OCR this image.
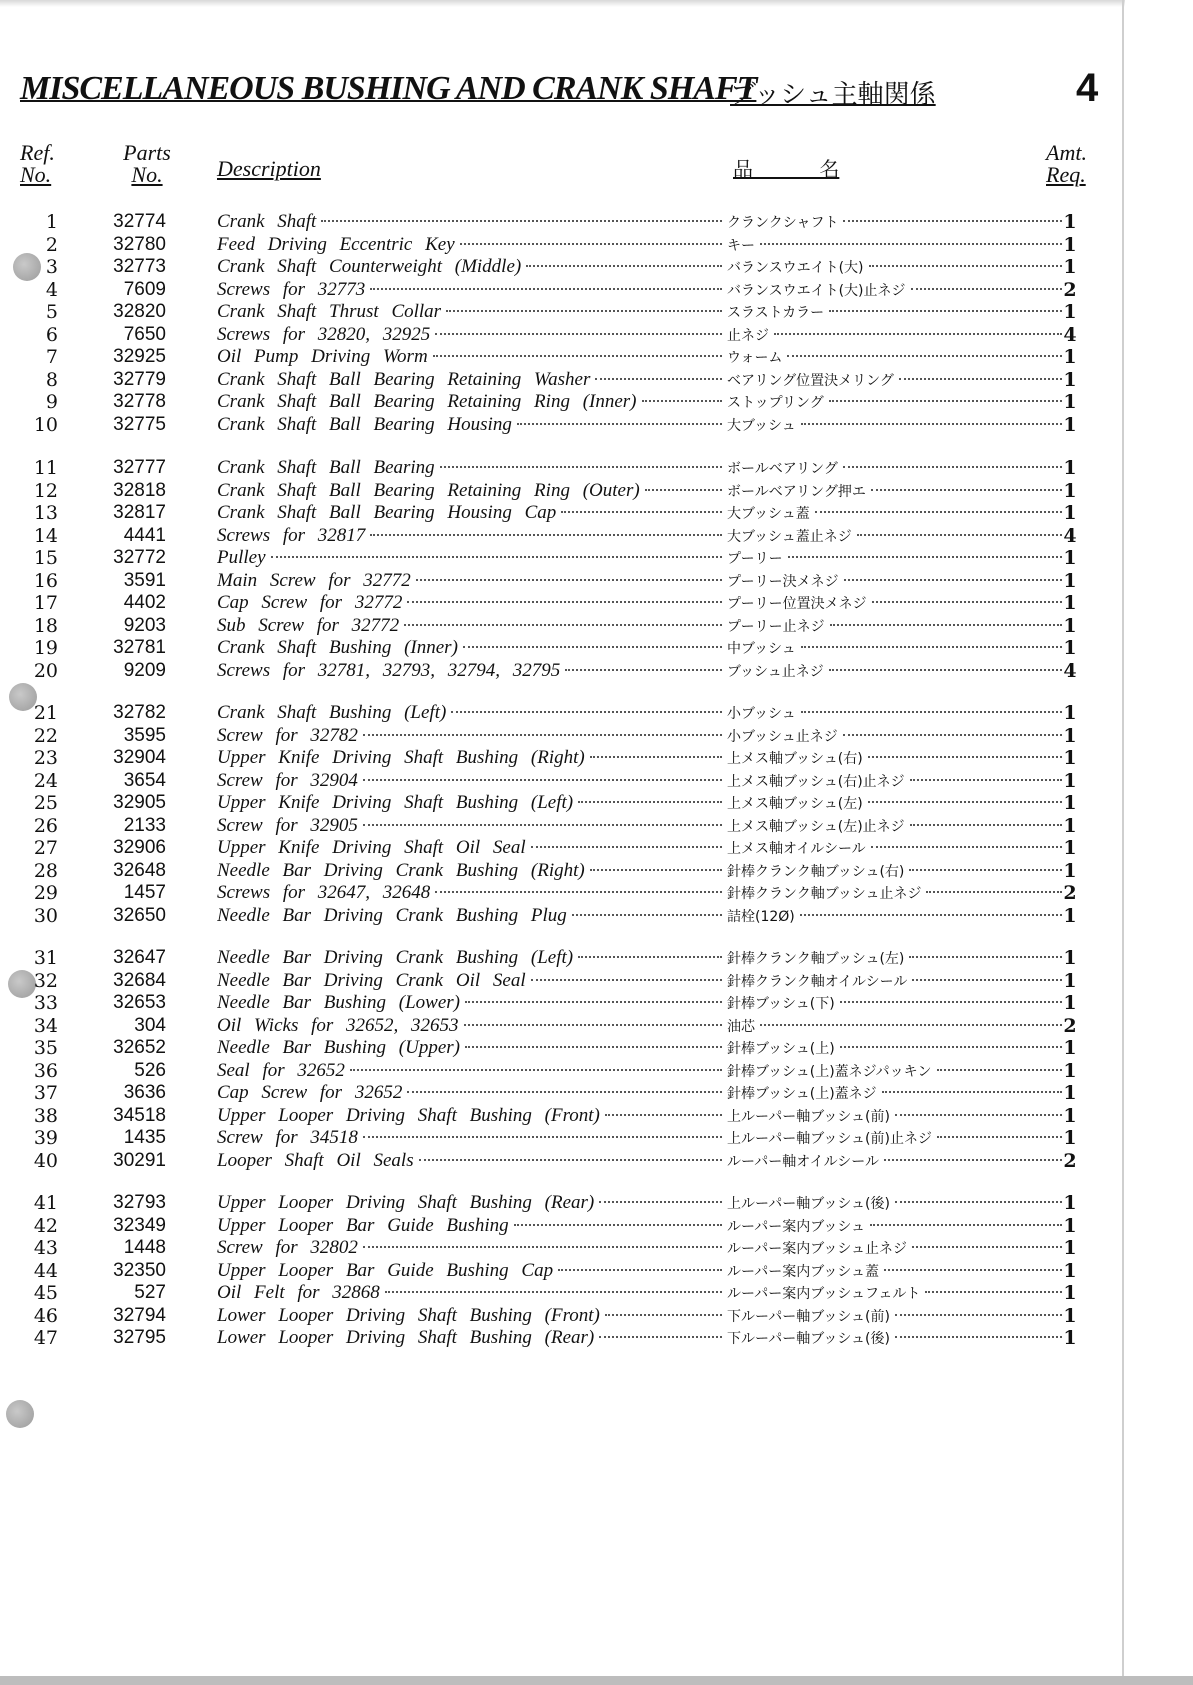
MISCELLANEOUS BUSHING AND CRANK SHAFT
ブッシュ主軸関係	4
Ref.
No.
Parts
No.	Description	品 名
Amt.
Req.
1	32774	Crank Shaft	クランクシャフト	1
2	32780	Feed Driving Eccentric Key	キー	1
3	32773	Crank Shaft Counterweight (Middle)	バランスウエイト(大)	1
4	7609	Screws for 32773	バランスウエイト(大)止ネジ	2
5	32820	Crank Shaft Thrust Collar	スラストカラー	1
6	7650	Screws for 32820, 32925	止ネジ	4
7	32925	Oil Pump Driving Worm	ウォーム	1
8	32779	Crank Shaft Ball Bearing Retaining Washer	ベアリング位置決メリング	1
9	32778	Crank Shaft Ball Bearing Retaining Ring (Inner)	ストップリング	1
10	32775	Crank Shaft Ball Bearing Housing	大ブッシュ	1
11	32777	Crank Shaft Ball Bearing	ボールベアリング	1
12	32818	Crank Shaft Ball Bearing Retaining Ring (Outer)	ボールベアリング押エ	1
13	32817	Crank Shaft Ball Bearing Housing Cap	大ブッシュ蓋	1
14	4441	Screws for 32817	大ブッシュ蓋止ネジ	4
15	32772	Pulley	プーリー	1
16	3591	Main Screw for 32772	プーリー決メネジ	1
17	4402	Cap Screw for 32772	プーリー位置決メネジ	1
18	9203	Sub Screw for 32772	プーリー止ネジ	1
19	32781	Crank Shaft Bushing (Inner)	中ブッシュ	1
20	9209	Screws for 32781, 32793, 32794, 32795	ブッシュ止ネジ	4
21	32782	Crank Shaft Bushing (Left)	小ブッシュ	1
22	3595	Screw for 32782	小ブッシュ止ネジ	1
23	32904	Upper Knife Driving Shaft Bushing (Right)	上メス軸ブッシュ(右)	1
24	3654	Screw for 32904	上メス軸ブッシュ(右)止ネジ	1
25	32905	Upper Knife Driving Shaft Bushing (Left)	上メス軸ブッシュ(左)	1
26	2133	Screw for 32905	上メス軸ブッシュ(左)止ネジ	1
27	32906	Upper Knife Driving Shaft Oil Seal	上メス軸オイルシール	1
28	32648	Needle Bar Driving Crank Bushing (Right)	針棒クランク軸ブッシュ(右)	1
29	1457	Screws for 32647, 32648	針棒クランク軸ブッシュ止ネジ	2
30	32650	Needle Bar Driving Crank Bushing Plug	詰栓(12Ø)	1
31	32647	Needle Bar Driving Crank Bushing (Left)	針棒クランク軸ブッシュ(左)	1
32	32684	Needle Bar Driving Crank Oil Seal	針棒クランク軸オイルシール	1
33	32653	Needle Bar Bushing (Lower)	針棒ブッシュ(下)	1
34	304	Oil Wicks for 32652, 32653	油芯	2
35	32652	Needle Bar Bushing (Upper)	針棒ブッシュ(上)	1
36	526	Seal for 32652	針棒ブッシュ(上)蓋ネジパッキン	1
37	3636	Cap Screw for 32652	針棒ブッシュ(上)蓋ネジ	1
38	34518	Upper Looper Driving Shaft Bushing (Front)	上ルーパー軸ブッシュ(前)	1
39	1435	Screw for 34518	上ルーパー軸ブッシュ(前)止ネジ	1
40	30291	Looper Shaft Oil Seals	ルーパー軸オイルシール	2
41	32793	Upper Looper Driving Shaft Bushing (Rear)	上ルーパー軸ブッシュ(後)	1
42	32349	Upper Looper Bar Guide Bushing	ルーパー案内ブッシュ	1
43	1448	Screw for 32802	ルーパー案内ブッシュ止ネジ	1
44	32350	Upper Looper Bar Guide Bushing Cap	ルーパー案内ブッシュ蓋	1
45	527	Oil Felt for 32868	ルーパー案内ブッシュフェルト	1
46	32794	Lower Looper Driving Shaft Bushing (Front)	下ルーパー軸ブッシュ(前)	1
47	32795	Lower Looper Driving Shaft Bushing (Rear)	下ルーパー軸ブッシュ(後)	1
